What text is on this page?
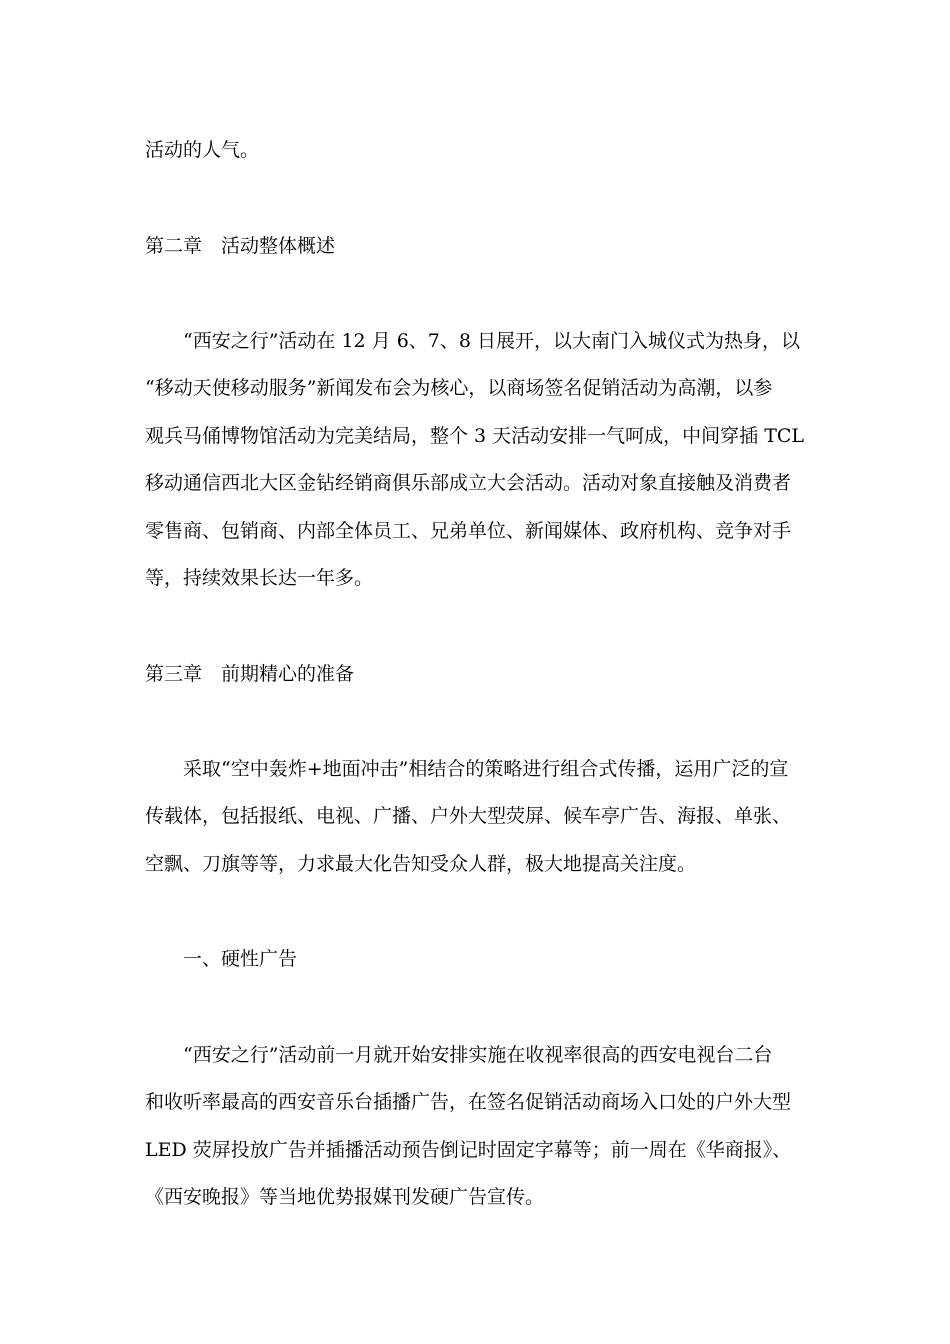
活动的人气。
第二章　活动整体概述
“西安之行”活动在 12 月 6、7、8 日展开，以大南门入城仪式为热身，以
“移动天使移动服务”新闻发布会为核心，以商场签名促销活动为高潮，以参
观兵马俑博物馆活动为完美结局，整个 3 天活动安排一气呵成，中间穿插 TCL
移动通信西北大区金钻经销商俱乐部成立大会活动。活动对象直接触及消费者
零售商、包销商、内部全体员工、兄弟单位、新闻媒体、政府机构、竞争对手
等，持续效果长达一年多。
第三章　前期精心的准备
采取“空中轰炸+地面冲击”相结合的策略进行组合式传播，运用广泛的宣
传载体，包括报纸、电视、广播、户外大型荧屏、候车亭广告、海报、单张、
空飘、刀旗等等，力求最大化告知受众人群，极大地提高关注度。
一、硬性广告
“西安之行”活动前一月就开始安排实施在收视率很高的西安电视台二台
和收听率最高的西安音乐台插播广告，在签名促销活动商场入口处的户外大型
LED 荧屏投放广告并插播活动预告倒记时固定字幕等；前一周在《华商报》、
《西安晚报》等当地优势报媒刊发硬广告宣传。
